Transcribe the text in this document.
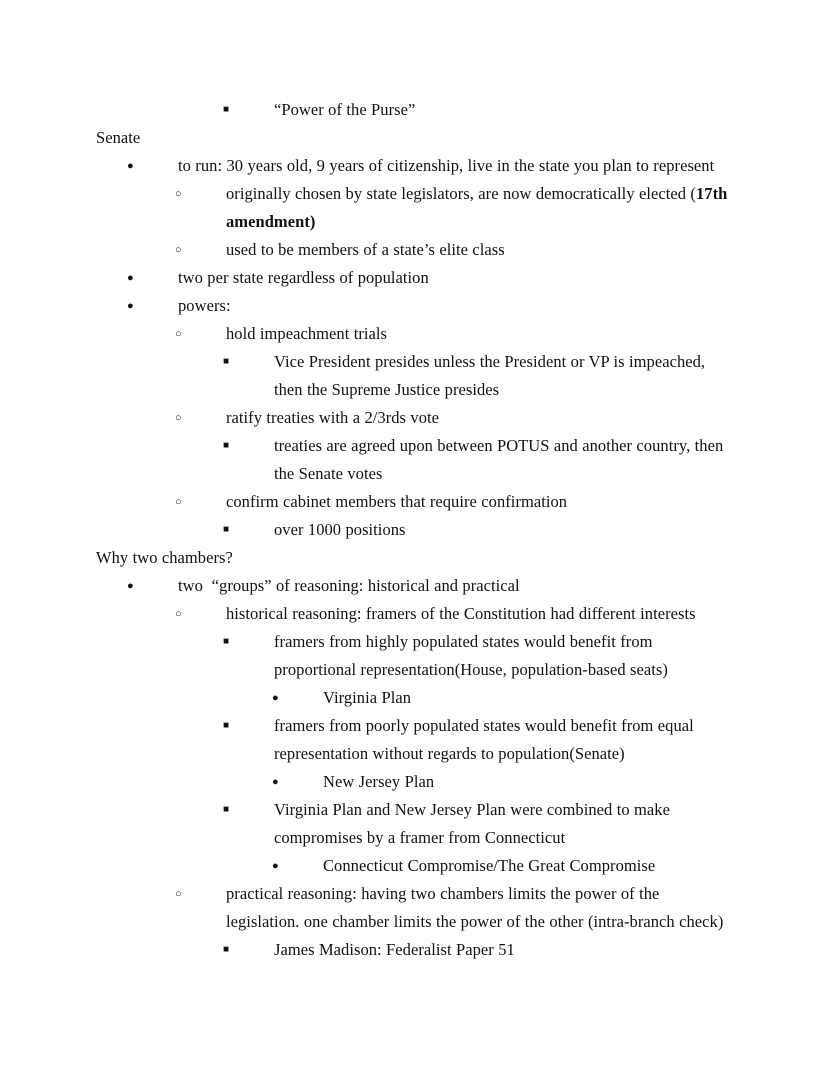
■
“Power of the Purse”
Senate
●
to run: 30 years old, 9 years of citizenship, live in the state you plan to represent
○
originally chosen by state legislators, are now democratically elected (17th amendment)
○
used to be members of a state’s elite class
●
two per state regardless of population
●
powers:
○
hold impeachment trials
■
Vice President presides unless the President or VP is impeached, then the Supreme Justice presides
○
ratify treaties with a 2/3rds vote
■
treaties are agreed upon between POTUS and another country, then the Senate votes
○
confirm cabinet members that require confirmation
■
over 1000 positions
Why two chambers?
●
two  “groups” of reasoning: historical and practical
○
historical reasoning: framers of the Constitution had different interests
■
framers from highly populated states would benefit from proportional representation(House, population-based seats)
●
Virginia Plan
■
framers from poorly populated states would benefit from equal representation without regards to population(Senate)
●
New Jersey Plan
■
Virginia Plan and New Jersey Plan were combined to make compromises by a framer from Connecticut
●
Connecticut Compromise/The Great Compromise
○
practical reasoning: having two chambers limits the power of the legislation. one chamber limits the power of the other (intra-branch check)
■
James Madison: Federalist Paper 51
